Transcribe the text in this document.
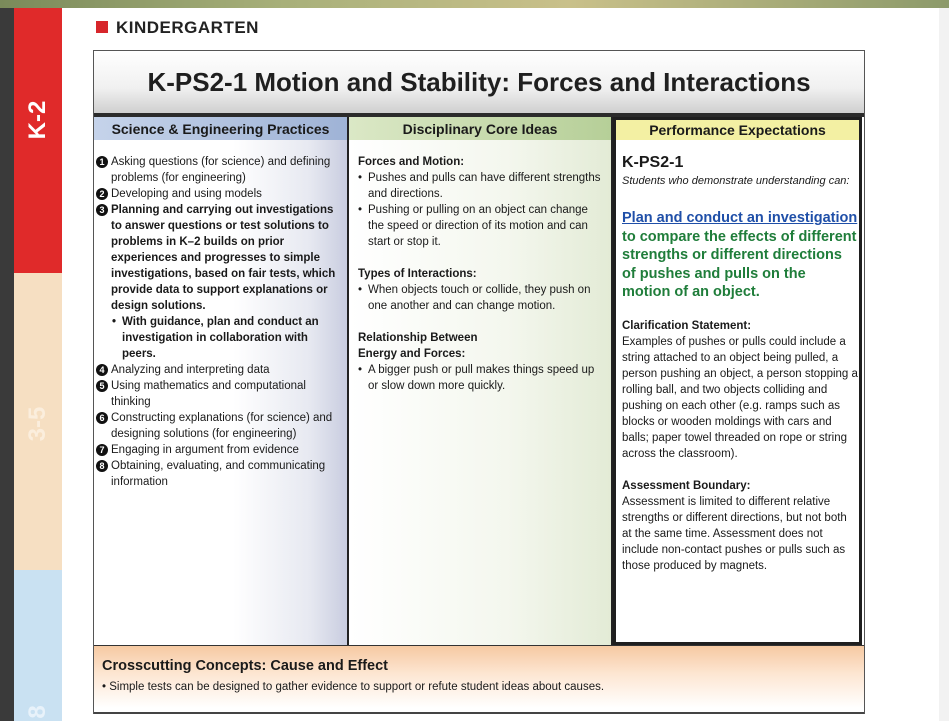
K-2
3-5
8
KINDERGARTEN
K-PS2-1 Motion and Stability: Forces and Interactions
Science & Engineering Practices	Disciplinary Core Ideas	Performance Expectations
1 Asking questions (for science) and defining problems (for engineering)
2 Developing and using models
3 Planning and carrying out investigations to answer questions or test solutions to problems in K–2 builds on prior experiences and progresses to simple investigations, based on fair tests, which provide data to support explanations or design solutions.
• With guidance, plan and conduct an investigation in collaboration with peers.
4 Analyzing and interpreting data
5 Using mathematics and computational thinking
6 Constructing explanations (for science) and designing solutions (for engineering)
7 Engaging in argument from evidence
8 Obtaining, evaluating, and communicating information
Forces and Motion:
• Pushes and pulls can have different strengths and directions.
• Pushing or pulling on an object can change the speed or direction of its motion and can start or stop it.
Types of Interactions:
• When objects touch or collide, they push on one another and can change motion.
Relationship Between
Energy and Forces:
• A bigger push or pull makes things speed up or slow down more quickly.
K-PS2-1
Students who demonstrate understanding can:
Plan and conduct an investigation to compare the effects of different strengths or different directions of pushes and pulls on the motion of an object.
Clarification Statement:
Examples of pushes or pulls could include a string attached to an object being pulled, a person pushing an object, a person stopping a rolling ball, and two objects colliding and pushing on each other (e.g. ramps such as blocks or wooden moldings with cars and balls; paper towel threaded on rope or string across the classroom).
Assessment Boundary:
Assessment is limited to different relative strengths or different directions, but not both at the same time. Assessment does not include non-contact pushes or pulls such as those produced by magnets.
Crosscutting Concepts: Cause and Effect
• Simple tests can be designed to gather evidence to support or refute student ideas about causes.
